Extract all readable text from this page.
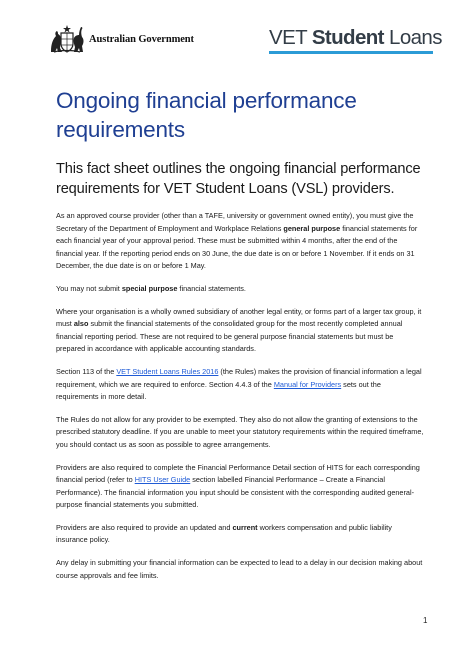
Australian Government	VET Student Loans
Ongoing financial performance requirements

This fact sheet outlines the ongoing financial performance requirements for VET Student Loans (VSL) providers.

As an approved course provider (other than a TAFE, university or government owned entity), you must give the Secretary of the Department of Employment and Workplace Relations general purpose financial statements for each financial year of your approval period. These must be submitted within 4 months, after the end of the financial year. If the reporting period ends on 30 June, the due date is on or before 1 November. If it ends on 31 December, the due date is on or before 1 May.

You may not submit special purpose financial statements.

Where your organisation is a wholly owned subsidiary of another legal entity, or forms part of a larger tax group, it must also submit the financial statements of the consolidated group for the most recently completed annual financial reporting period. These are not required to be general purpose financial statements but must be prepared in accordance with applicable accounting standards.

Section 113 of the VET Student Loans Rules 2016 (the Rules) makes the provision of financial information a legal requirement, which we are required to enforce. Section 4.4.3 of the Manual for Providers sets out the requirements in more detail.

The Rules do not allow for any provider to be exempted. They also do not allow the granting of extensions to the prescribed statutory deadline. If you are unable to meet your statutory requirements within the required timeframe, you should contact us as soon as possible to agree arrangements.

Providers are also required to complete the Financial Performance Detail section of HITS for each corresponding financial period (refer to HITS User Guide section labelled Financial Performance – Create a Financial Performance). The financial information you input should be consistent with the corresponding audited general-purpose financial statements you submitted.

Providers are also required to provide an updated and current workers compensation and public liability insurance policy.

Any delay in submitting your financial information can be expected to lead to a delay in our decision making about course approvals and fee limits.

1
